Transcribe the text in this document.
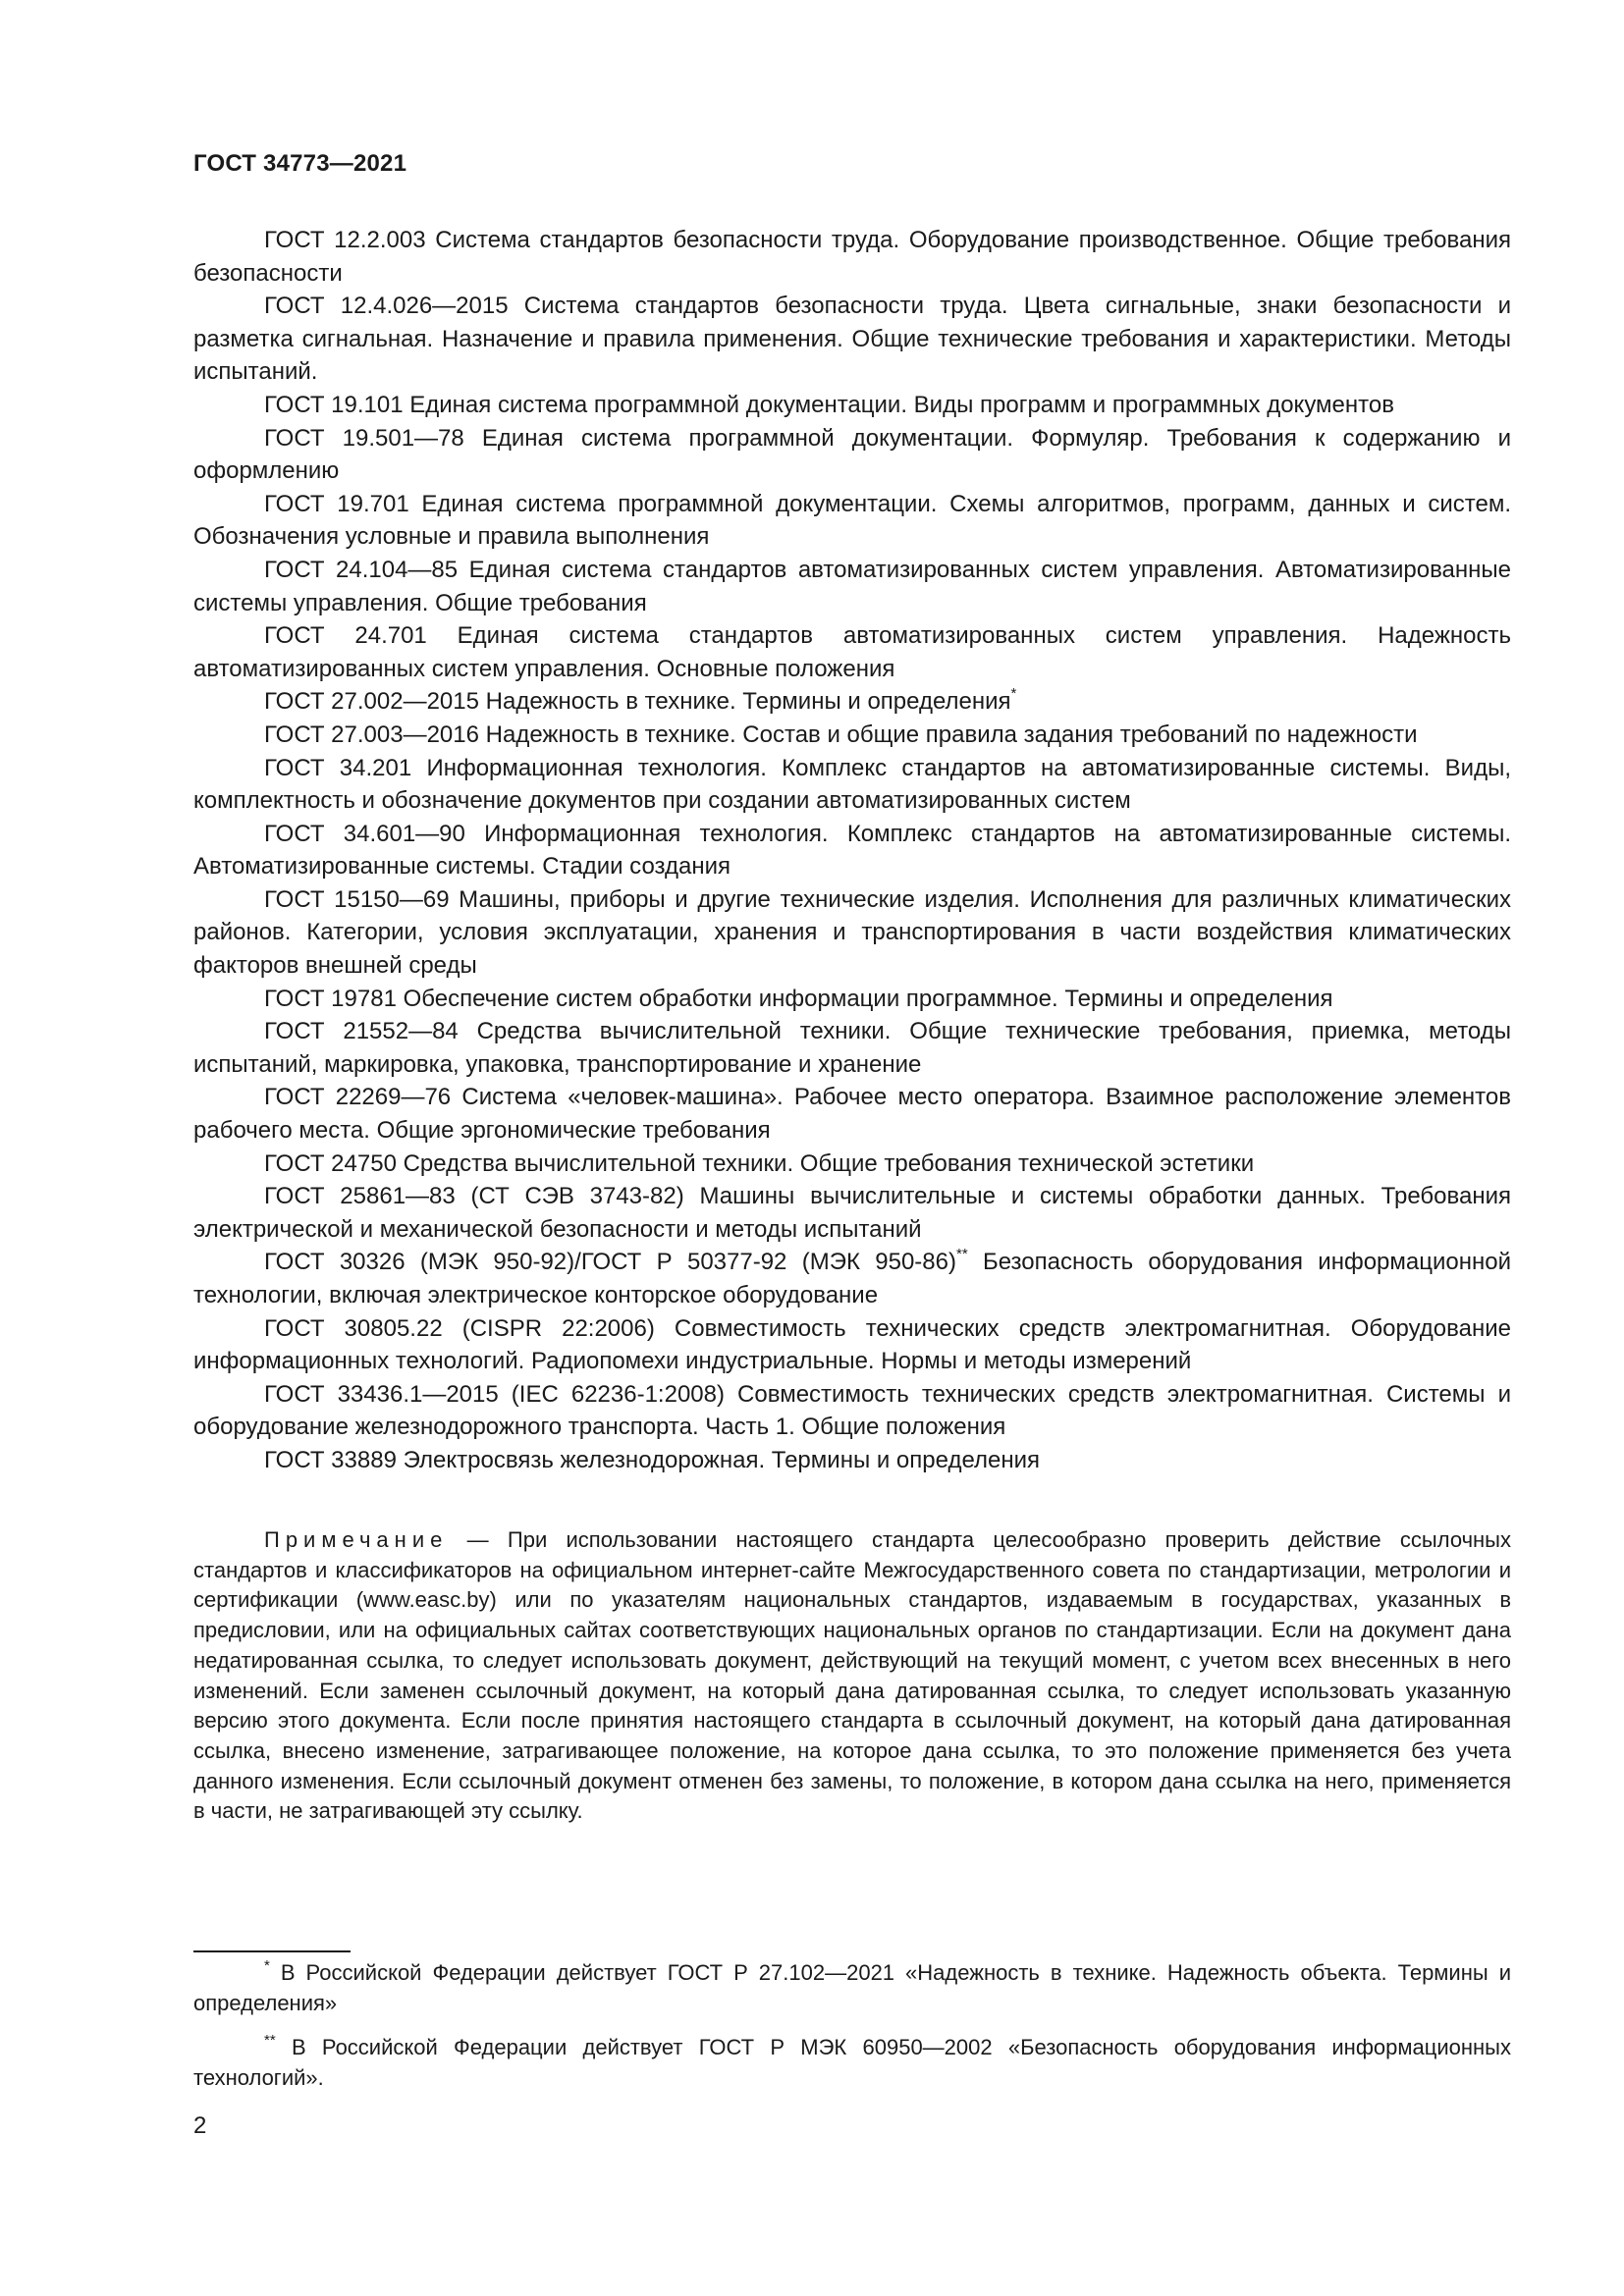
ГОСТ 34773—2021

ГОСТ 12.2.003 Система стандартов безопасности труда. Оборудование производственное. Общие требования безопасности

ГОСТ 12.4.026—2015 Система стандартов безопасности труда. Цвета сигнальные, знаки безопасности и разметка сигнальная. Назначение и правила применения. Общие технические требования и характеристики. Методы испытаний.

ГОСТ 19.101 Единая система программной документации. Виды программ и программных документов

ГОСТ 19.501—78 Единая система программной документации. Формуляр. Требования к содержанию и оформлению

ГОСТ 19.701 Единая система программной документации. Схемы алгоритмов, программ, данных и систем. Обозначения условные и правила выполнения

ГОСТ 24.104—85 Единая система стандартов автоматизированных систем управления. Автоматизированные системы управления. Общие требования

ГОСТ 24.701 Единая система стандартов автоматизированных систем управления. Надежность автоматизированных систем управления. Основные положения

ГОСТ 27.002—2015 Надежность в технике. Термины и определения*

ГОСТ 27.003—2016 Надежность в технике. Состав и общие правила задания требований по надежности

ГОСТ 34.201 Информационная технология. Комплекс стандартов на автоматизированные системы. Виды, комплектность и обозначение документов при создании автоматизированных систем

ГОСТ 34.601—90 Информационная технология. Комплекс стандартов на автоматизированные системы. Автоматизированные системы. Стадии создания

ГОСТ 15150—69 Машины, приборы и другие технические изделия. Исполнения для различных климатических районов. Категории, условия эксплуатации, хранения и транспортирования в части воздействия климатических факторов внешней среды

ГОСТ 19781 Обеспечение систем обработки информации программное. Термины и определения

ГОСТ 21552—84 Средства вычислительной техники. Общие технические требования, приемка, методы испытаний, маркировка, упаковка, транспортирование и хранение

ГОСТ 22269—76 Система «человек-машина». Рабочее место оператора. Взаимное расположение элементов рабочего места. Общие эргономические требования

ГОСТ 24750 Средства вычислительной техники. Общие требования технической эстетики

ГОСТ 25861—83 (СТ СЭВ 3743-82) Машины вычислительные и системы обработки данных. Требования электрической и механической безопасности и методы испытаний

ГОСТ 30326 (МЭК 950-92)/ГОСТ Р 50377-92 (МЭК 950-86)** Безопасность оборудования информационной технологии, включая электрическое конторское оборудование

ГОСТ 30805.22 (CISPR 22:2006) Совместимость технических средств электромагнитная. Оборудование информационных технологий. Радиопомехи индустриальные. Нормы и методы измерений

ГОСТ 33436.1—2015 (IEC 62236-1:2008) Совместимость технических средств электромагнитная. Системы и оборудование железнодорожного транспорта. Часть 1. Общие положения

ГОСТ 33889 Электросвязь железнодорожная. Термины и определения

Примечание — При использовании настоящего стандарта целесообразно проверить действие ссылочных стандартов и классификаторов на официальном интернет-сайте Межгосударственного совета по стандартизации, метрологии и сертификации (www.easc.by) или по указателям национальных стандартов, издаваемым в государствах, указанных в предисловии, или на официальных сайтах соответствующих национальных органов по стандартизации. Если на документ дана недатированная ссылка, то следует использовать документ, действующий на текущий момент, с учетом всех внесенных в него изменений. Если заменен ссылочный документ, на который дана датированная ссылка, то следует использовать указанную версию этого документа. Если после принятия настоящего стандарта в ссылочный документ, на который дана датированная ссылка, внесено изменение, затрагивающее положение, на которое дана ссылка, то это положение применяется без учета данного изменения. Если ссылочный документ отменен без замены, то положение, в котором дана ссылка на него, применяется в части, не затрагивающей эту ссылку.

* В Российской Федерации действует ГОСТ Р 27.102—2021 «Надежность в технике. Надежность объекта. Термины и определения»

** В Российской Федерации действует ГОСТ Р МЭК 60950—2002 «Безопасность оборудования информационных технологий».

2
